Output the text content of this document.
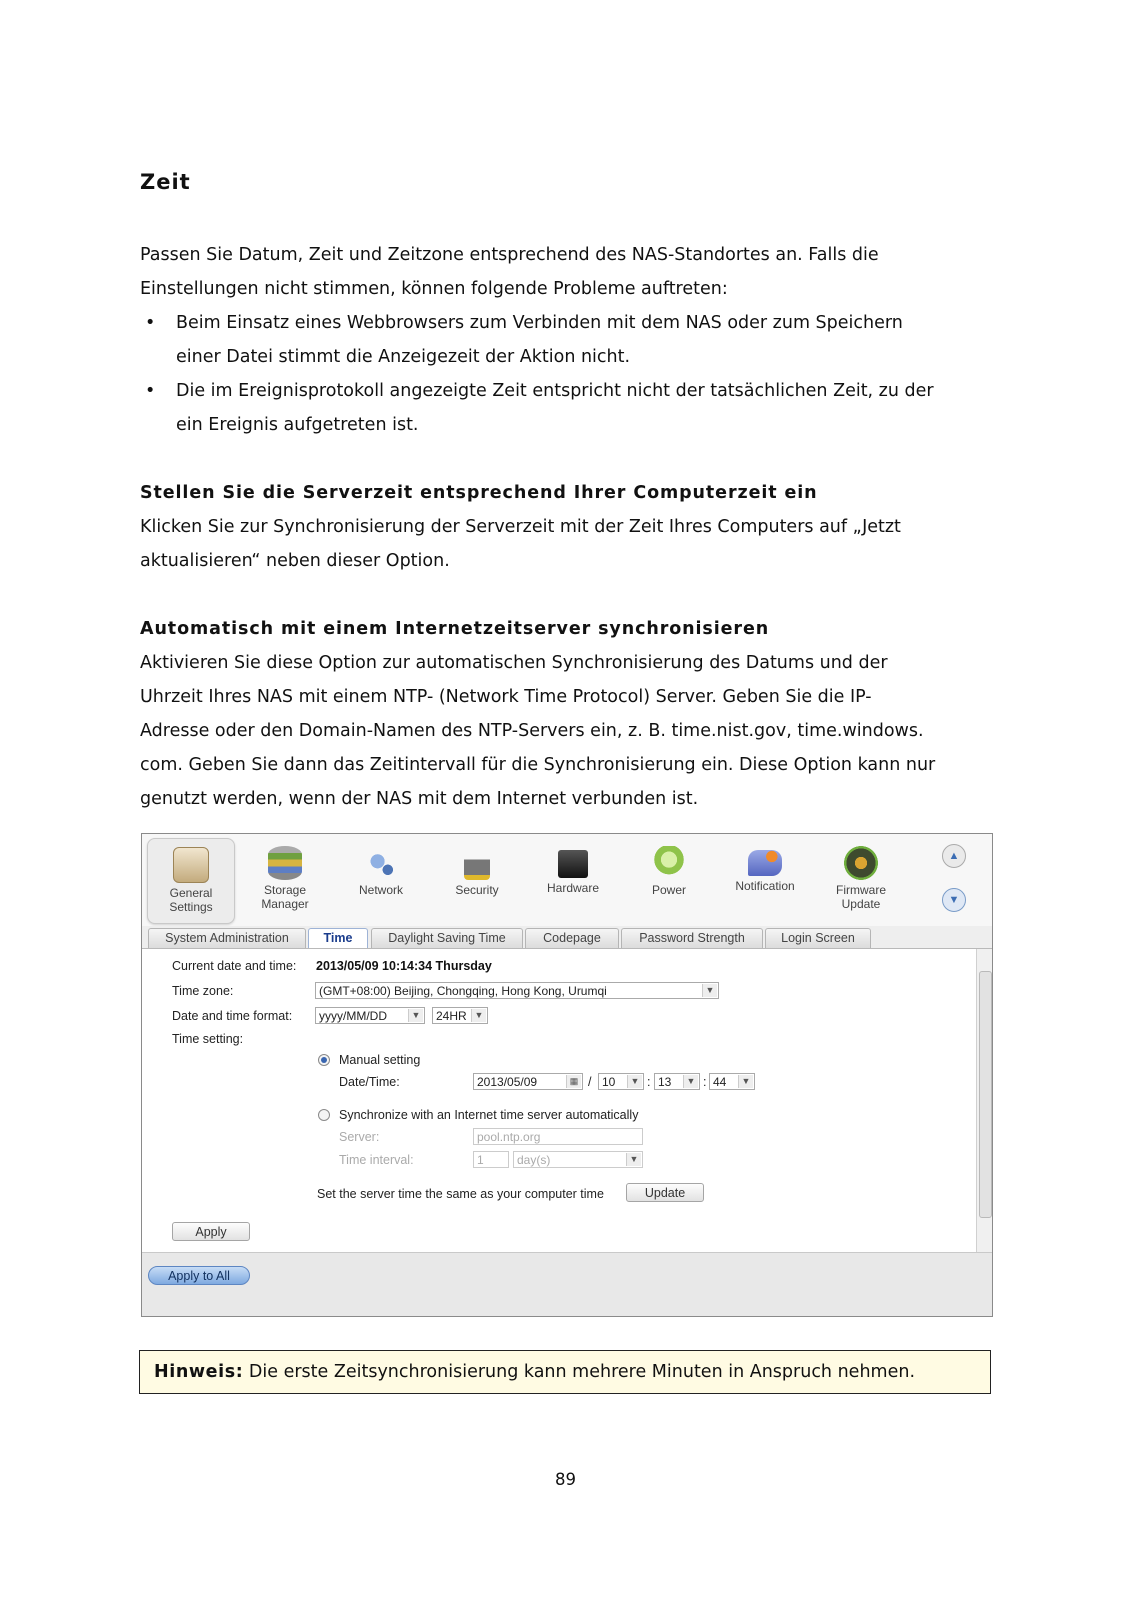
Zeit

Passen Sie Datum, Zeit und Zeitzone entsprechend des NAS-Standortes an. Falls die

Einstellungen nicht stimmen, können folgende Probleme auftreten:

• Beim Einsatz eines Webbrowsers zum Verbinden mit dem NAS oder zum Speichern
einer Datei stimmt die Anzeigezeit der Aktion nicht.
• Die im Ereignisprotokoll angezeigte Zeit entspricht nicht der tatsächlichen Zeit, zu der
ein Ereignis aufgetreten ist.
Stellen Sie die Serverzeit entsprechend Ihrer Computerzeit ein

Klicken Sie zur Synchronisierung der Serverzeit mit der Zeit Ihres Computers auf „Jetzt

aktualisieren“ neben dieser Option.

Automatisch mit einem Internetzeitserver synchronisieren

Aktivieren Sie diese Option zur automatischen Synchronisierung des Datums und der

Uhrzeit Ihres NAS mit einem NTP- (Network Time Protocol) Server. Geben Sie die IP-

Adresse oder den Domain-Namen des NTP-Servers ein, z. B. time.nist.gov, time.windows.

com. Geben Sie dann das Zeitintervall für die Synchronisierung ein. Diese Option kann nur

genutzt werden, wenn der NAS mit dem Internet verbunden ist.

General
Settings
Storage
Manager
Network	Security	Hardware	Power	Notification	Firmware
Update
▲
▼
System Administration	Time	Daylight Saving Time	Codepage	Password Strength	Login Screen
Current date and time: 2013/05/09 10:14:34 Thursday
Time zone:	(GMT+08:00) Beijing, Chongqing, Hong Kong, Urumqi	▼
Date and time format:	yyyy/MM/DD	▼	24HR ▼
Time setting:
Manual setting
Date/Time:	2013/05/09	▦ / 10	▼ : 13	▼ : 44	▼
Synchronize with an Internet time server automatically
Server:	pool.ntp.org
Time interval:	1	day(s)	▼
Set the server time the same as your computer time	Update
Apply
Apply to All
Hinweis: Die erste Zeitsynchronisierung kann mehrere Minuten in Anspruch nehmen.
89
